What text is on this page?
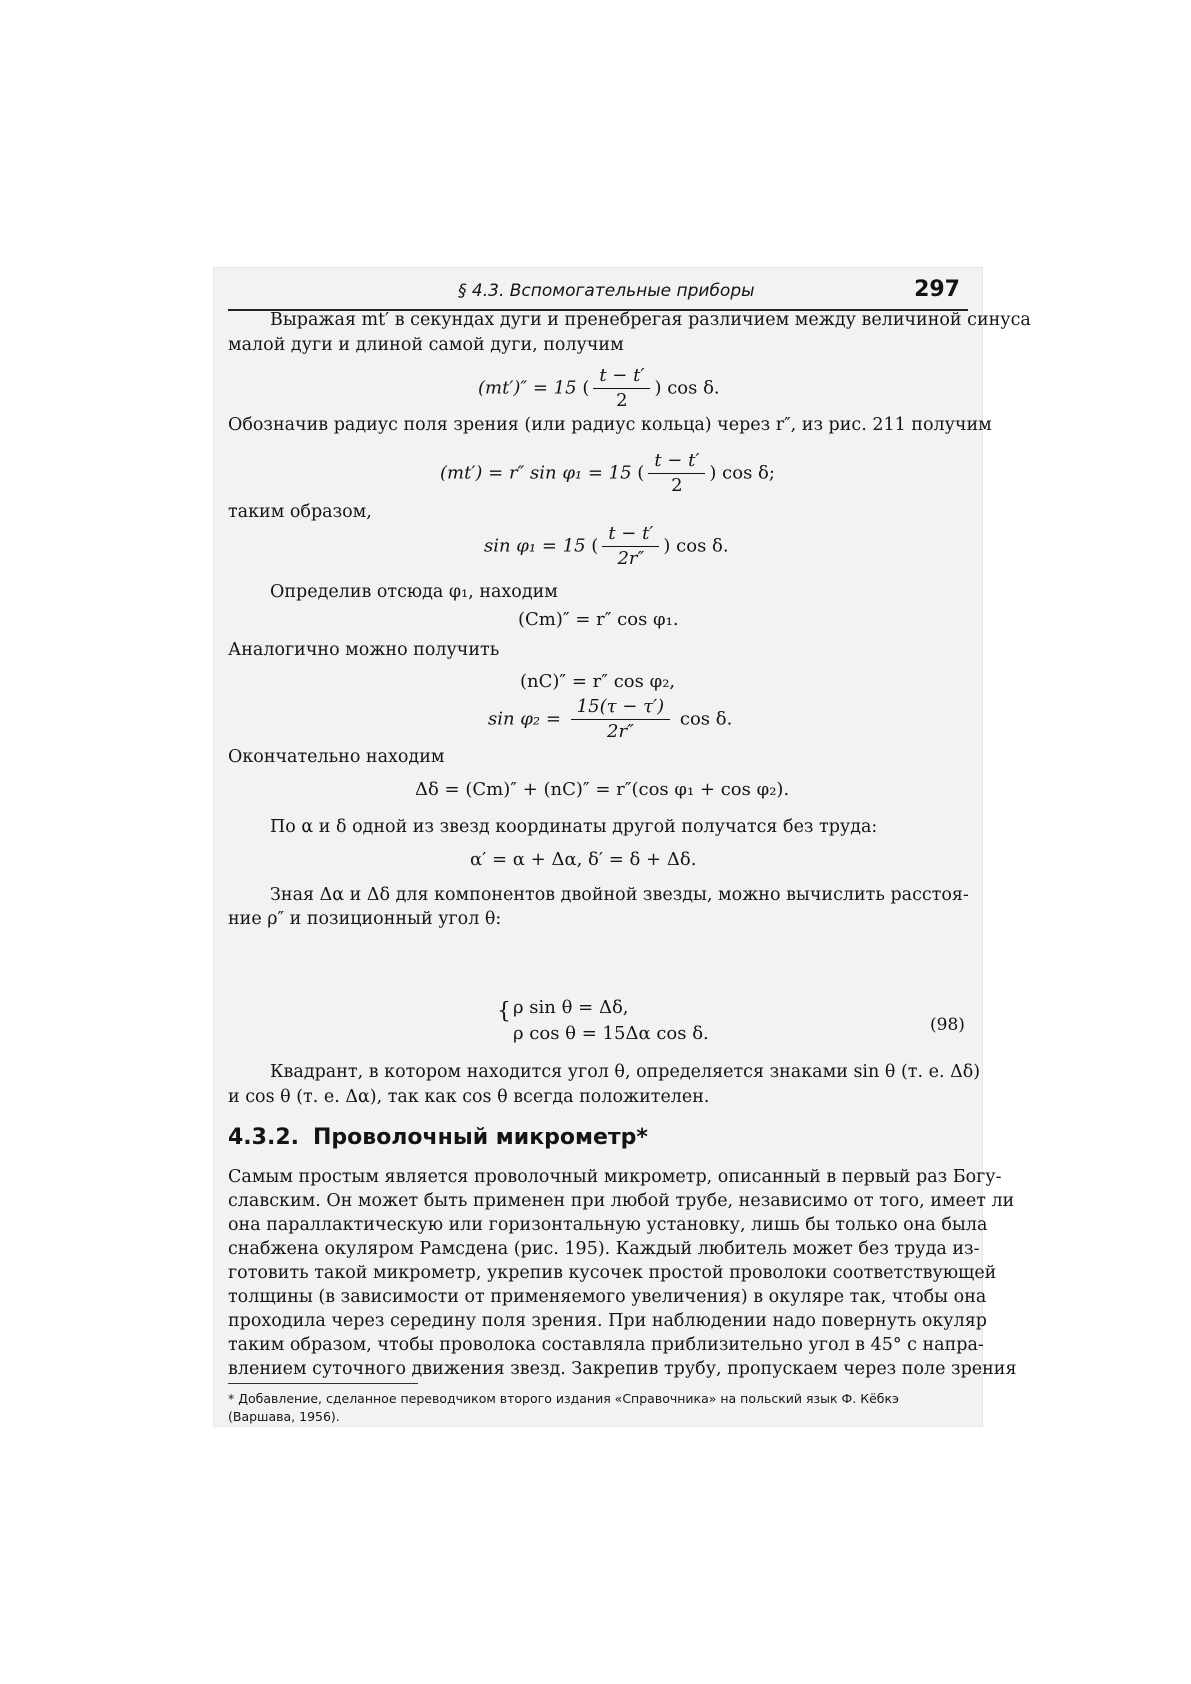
§ 4.3. Вспомогательные приборы	297
Выражая mt′ в секундах дуги и пренебрегая различием между величиной синуса
малой дуги и длиной самой дуги, получим
(mt′)″ = 15 ( $\frac{t - t'}{2}$ ) cos δ.
Обозначив радиус поля зрения (или радиус кольца) через r″, из рис. 211 получим
(mt′) = r″ sin φ₁ = 15 ( $\frac{t - t'}{2}$ ) cos δ;
таким образом,
sin φ₁ = 15 ( $\frac{t - t'}{2r''}$ ) cos δ.
Определив отсюда φ₁, находим
(Cm)″ = r″ cos φ₁.
Аналогично можно получить
(nC)″ = r″ cos φ₂,
$\sin \varphi_2 = \frac{15(\tau - \tau')}{2r''}$ cos δ.
Окончательно находим
Δδ = (Cm)″ + (nC)″ = r″(cos φ₁ + cos φ₂).
По α и δ одной из звезд координаты другой получатся без труда:
α′ = α + Δα, δ′ = δ + Δδ.
Зная Δα и Δδ для компонентов двойной звезды, можно вычислить расстоя-
ние ρ″ и позиционный угол θ:
{ ρ sin θ = Δδ,
ρ cos θ = 15Δα cos δ.	(98)
Квадрант, в котором находится угол θ, определяется знаками sin θ (т. е. Δδ)
и cos θ (т. е. Δα), так как cos θ всегда положителен.
4.3.2. Проволочный микрометр*
Самым простым является проволочный микрометр, описанный в первый раз Богу-
славским. Он может быть применен при любой трубе, независимо от того, имеет ли
она параллактическую или горизонтальную установку, лишь бы только она была
снабжена окуляром Рамсдена (рис. 195). Каждый любитель может без труда из-
готовить такой микрометр, укрепив кусочек простой проволоки соответствующей
толщины (в зависимости от применяемого увеличения) в окуляре так, чтобы она
проходила через середину поля зрения. При наблюдении надо повернуть окуляр
таким образом, чтобы проволока составляла приблизительно угол в 45° с напра-
влением суточного движения звезд. Закрепив трубу, пропускаем через поле зрения
* Добавление, сделанное переводчиком второго издания «Справочника» на польский язык Ф. Кёбкэ
(Варшава, 1956).
